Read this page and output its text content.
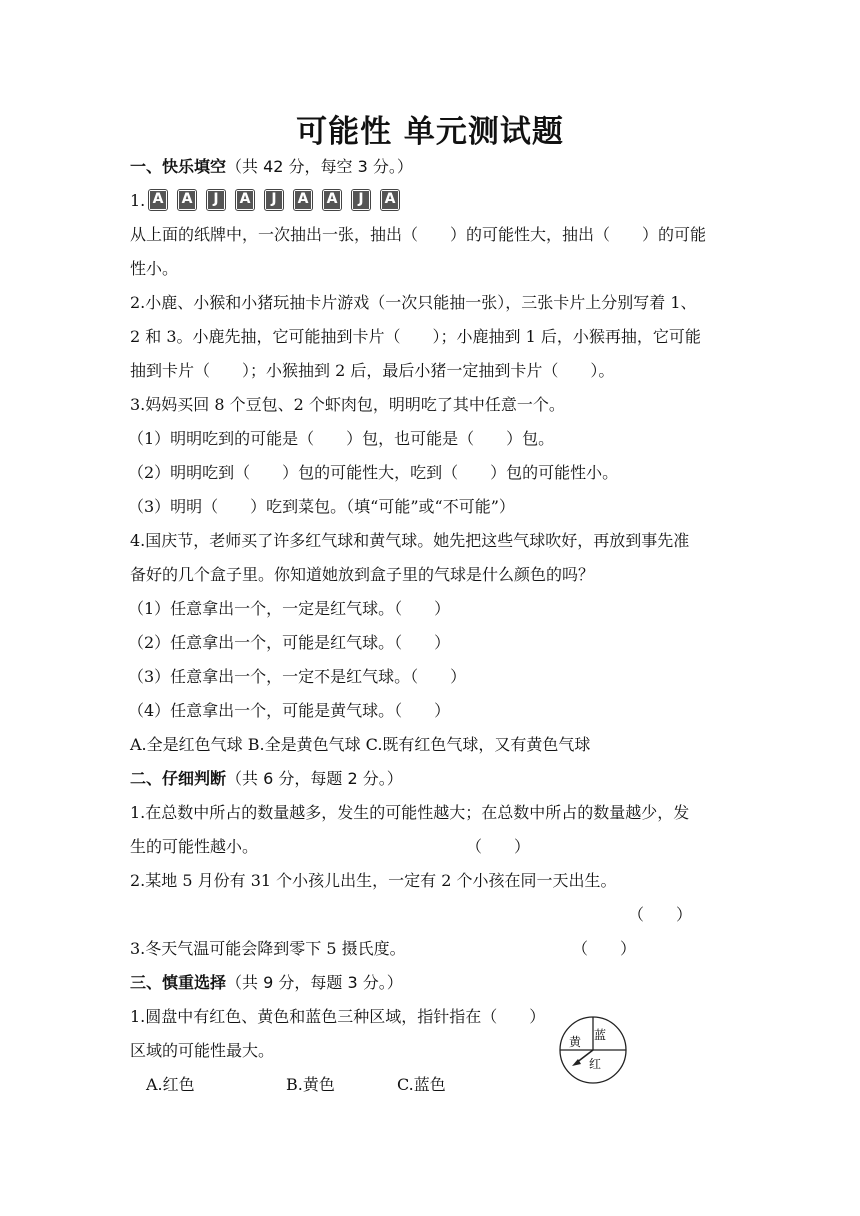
可能性 单元测试题
一、快乐填空（共 42 分，每空 3 分。）
1. A A	J	A	J	A A	J	A
从上面的纸牌中，一次抽出一张，抽出（　　）的可能性大，抽出（　　）的可能
性小。
2.小鹿、小猴和小猪玩抽卡片游戏（一次只能抽一张），三张卡片上分别写着 1、
2 和 3。小鹿先抽，它可能抽到卡片（　　）；小鹿抽到 1 后，小猴再抽，它可能
抽到卡片（　　）；小猴抽到 2 后，最后小猪一定抽到卡片（　　）。
3.妈妈买回 8 个豆包、2 个虾肉包，明明吃了其中任意一个。
（1）明明吃到的可能是（　　）包，也可能是（　　）包。
（2）明明吃到（　　）包的可能性大，吃到（　　）包的可能性小。
（3）明明（　　）吃到菜包。（填“可能”或“不可能”）
4.国庆节，老师买了许多红气球和黄气球。她先把这些气球吹好，再放到事先准
备好的几个盒子里。你知道她放到盒子里的气球是什么颜色的吗？
（1）任意拿出一个，一定是红气球。（　　）
（2）任意拿出一个，可能是红气球。（　　）
（3）任意拿出一个，一定不是红气球。（　　）
（4）任意拿出一个，可能是黄气球。（　　）
A.全是红色气球 B.全是黄色气球 C.既有红色气球，又有黄色气球
二、仔细判断（共 6 分，每题 2 分。）
1.在总数中所占的数量越多，发生的可能性越大；在总数中所占的数量越少，发
生的可能性越小。	（　　）
2.某地 5 月份有 31 个小孩儿出生，一定有 2 个小孩在同一天出生。
（　　）
3.冬天气温可能会降到零下 5 摄氏度。	（　　）
三、慎重选择（共 9 分，每题 3 分。）
1.圆盘中有红色、黄色和蓝色三种区域，指针指在（　　）
区域的可能性最大。
A.红色	B.黄色	C.蓝色
黄 蓝
红
